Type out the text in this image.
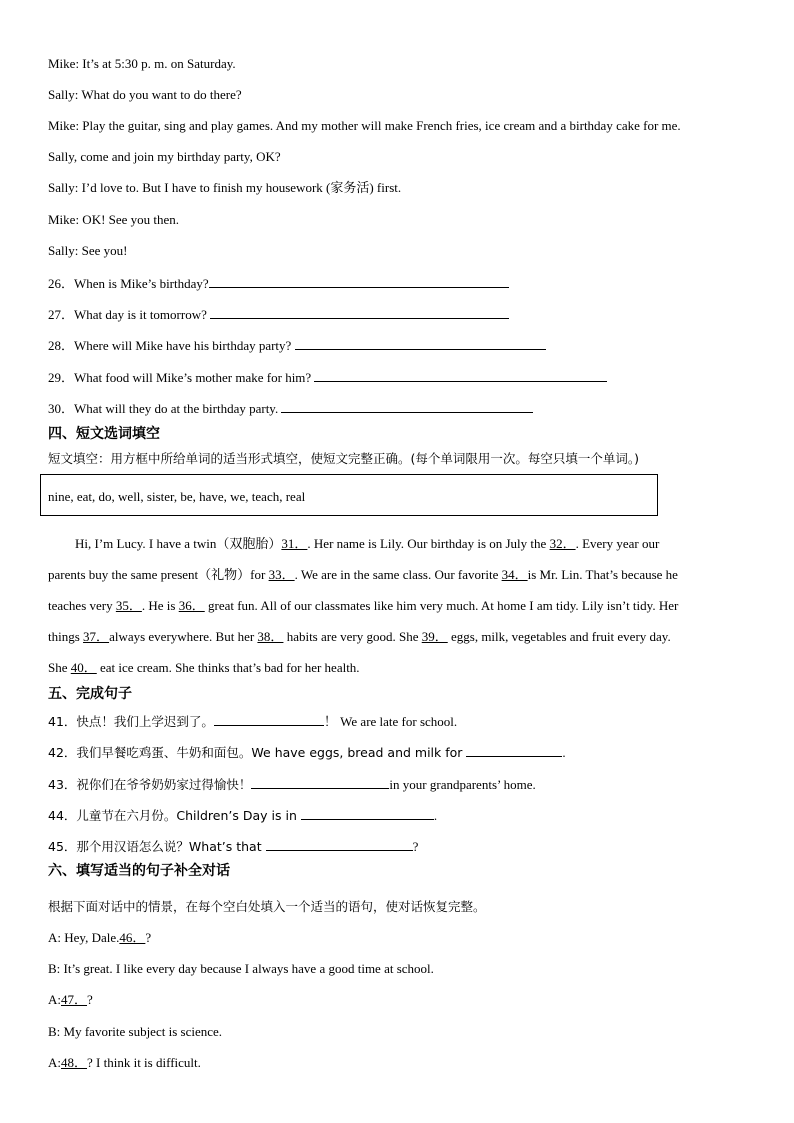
Mike: It’s at 5:30 p. m. on Saturday.
Sally: What do you want to do there?
Mike: Play the guitar, sing and play games. And my mother will make French fries, ice cream and a birthday cake for me.
Sally, come and join my birthday party, OK?
Sally: I’d love to. But I have to finish my housework (家务活) first.
Mike: OK! See you then.
Sally: See you!
26．When is Mike’s birthday?
27．What day is it tomorrow?
28．Where will Mike have his birthday party?
29．What food will Mike’s mother make for him?
30．What will they do at the birthday party.
四、短文选词填空
短文填空：用方框中所给单词的适当形式填空，使短文完整正确。(每个单词限用一次。每空只填一个单词。)
nine, eat, do, well, sister, be, have, we, teach, real
Hi, I’m Lucy. I have a twin（双胞胎）31．. Her name is Lily. Our birthday is on July the 32．. Every year our
parents buy the same present（礼物）for 33．. We are in the same class. Our favorite 34．is Mr. Lin. That’s because he
teaches very 35．. He is 36． great fun. All of our classmates like him very much. At home I am tidy. Lily isn’t tidy. Her
things 37．always everywhere. But her 38． habits are very good. She 39． eggs, milk, vegetables and fruit every day.
She 40． eat ice cream. She thinks that’s bad for her health.
五、完成句子
41．快点！我们上学迟到了。	！ We are late for school.
42．我们早餐吃鸡蛋、牛奶和面包。We have eggs, bread and milk for	.
43．祝你们在爷爷奶奶家过得愉快！	in your grandparents’ home.
44．儿童节在六月份。Children’s Day is in	.
45．那个用汉语怎么说？What’s that	?
六、填写适当的句子补全对话
根据下面对话中的情景，在每个空白处填入一个适当的语句，使对话恢复完整。
A: Hey, Dale.46．?
B: It’s great. I like every day because I always have a good time at school.
A:47．?
B: My favorite subject is science.
A:48．? I think it is difficult.
